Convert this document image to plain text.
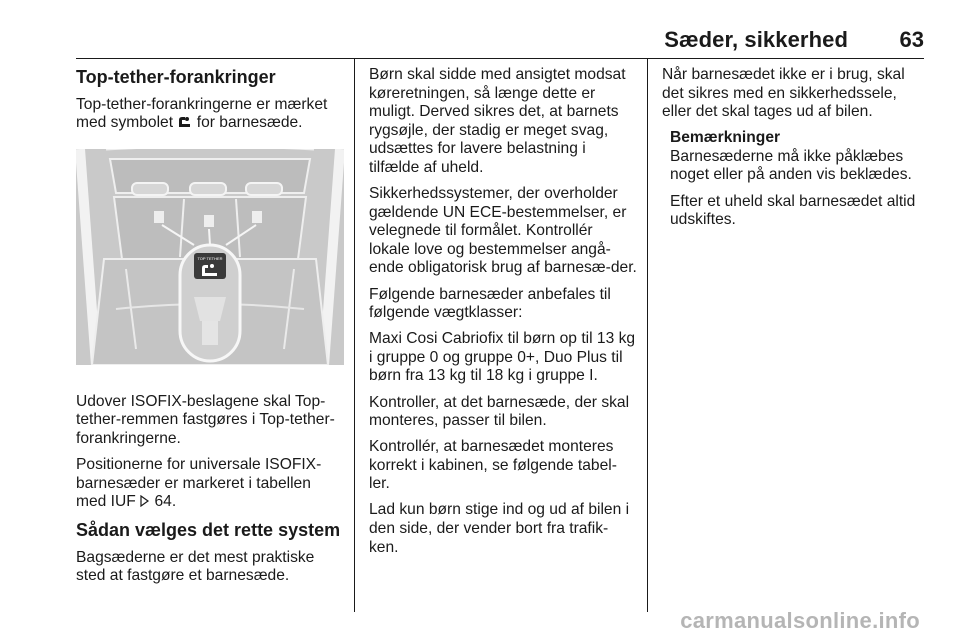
Sæder, sikkerhed 63

Top-tether-forankringer

Top-tether-forankringerne er mærket med symbolet for barnesæde.

TOP TETHER

Udover ISOFIX-beslagene skal Top-tether-remmen fastgøres i Top-tether-forankringerne.

Positionerne for universale ISOFIX-barnesæder er markeret i tabellen med IUF 64.

Sådan vælges det rette system

Bagsæderne er det mest praktiske sted at fastgøre et barnesæde.

Børn skal sidde med ansigtet modsat køreretningen, så længe dette er muligt. Derved sikres det, at barnets rygsøjle, der stadig er meget svag, udsættes for lavere belastning i tilfælde af uheld.

Sikkerhedssystemer, der overholder gældende UN ECE-bestemmelser, er velegnede til formålet. Kontrollér lokale love og bestemmelser angå-ende obligatorisk brug af barnesæ-der.

Følgende barnesæder anbefales til følgende vægtklasser:

Maxi Cosi Cabriofix til børn op til 13 kg i gruppe 0 og gruppe 0+, Duo Plus til børn fra 13 kg til 18 kg i gruppe I.

Kontroller, at det barnesæde, der skal monteres, passer til bilen.

Kontrollér, at barnesædet monteres korrekt i kabinen, se følgende tabel-ler.

Lad kun børn stige ind og ud af bilen i den side, der vender bort fra trafik-ken.

Når barnesædet ikke er i brug, skal det sikres med en sikkerhedssele, eller det skal tages ud af bilen.

Bemærkninger

Barnesæderne må ikke påklæbes noget eller på anden vis beklædes.

Efter et uheld skal barnesædet altid udskiftes.

carmanualsonline.info
